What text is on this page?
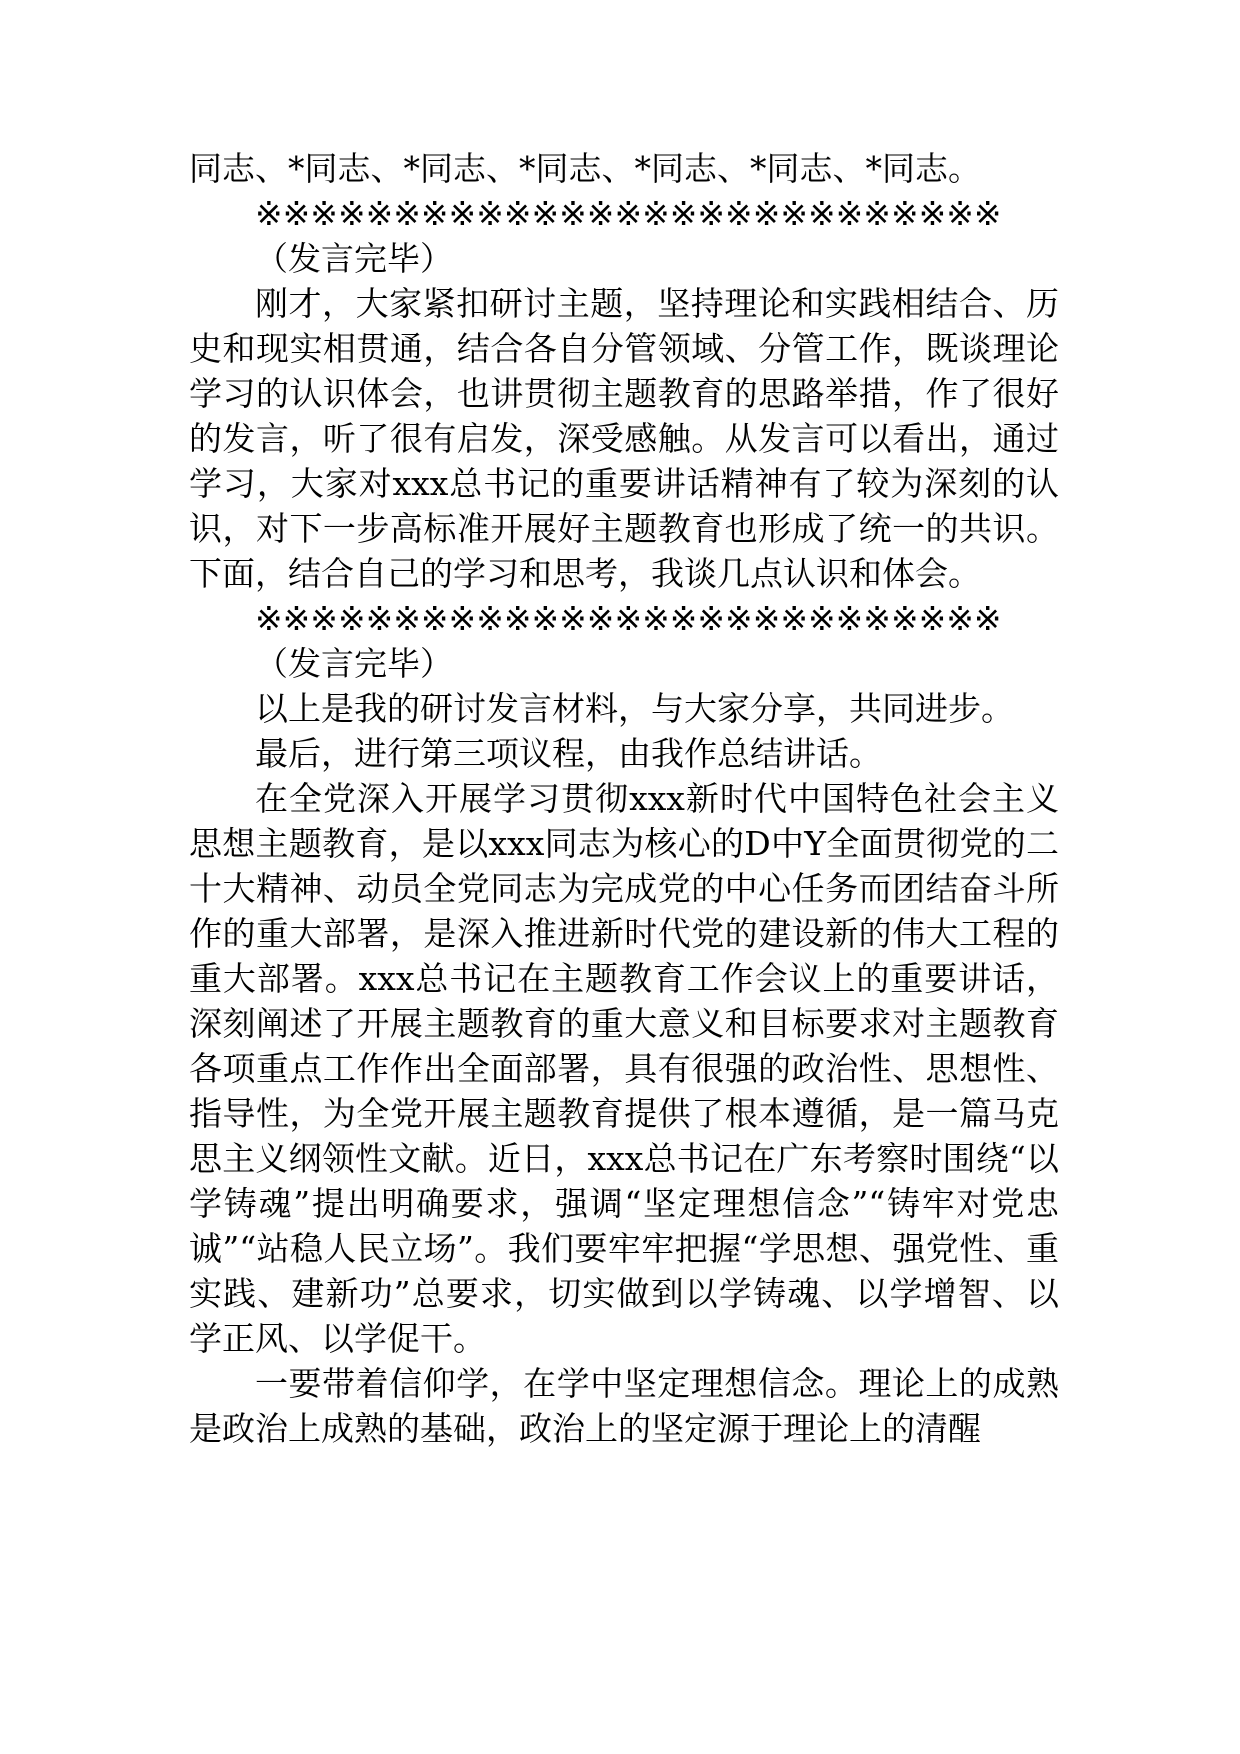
同志、*同志、*同志、*同志、*同志、*同志、*同志。

※※※※※※※※※※※※※※※※※※※※※※※※※※※

（发言完毕）

刚才，大家紧扣研讨主题，坚持理论和实践相结合、历史和现实相贯通，结合各自分管领域、分管工作，既谈理论学习的认识体会，也讲贯彻主题教育的思路举措，作了很好的发言，听了很有启发，深受感触。从发言可以看出，通过学习，大家对xxx总书记的重要讲话精神有了较为深刻的认识，对下一步高标准开展好主题教育也形成了统一的共识。下面，结合自己的学习和思考，我谈几点认识和体会。

※※※※※※※※※※※※※※※※※※※※※※※※※※※

（发言完毕）

以上是我的研讨发言材料，与大家分享，共同进步。

最后，进行第三项议程，由我作总结讲话。

在全党深入开展学习贯彻xxx新时代中国特色社会主义思想主题教育，是以xxx同志为核心的D中Y全面贯彻党的二十大精神、动员全党同志为完成党的中心任务而团结奋斗所作的重大部署，是深入推进新时代党的建设新的伟大工程的重大部署。xxx总书记在主题教育工作会议上的重要讲话，深刻阐述了开展主题教育的重大意义和目标要求对主题教育各项重点工作作出全面部署，具有很强的政治性、思想性、指导性，为全党开展主题教育提供了根本遵循，是一篇马克思主义纲领性文献。近日，xxx总书记在广东考察时围绕“以学铸魂”提出明确要求，强调“坚定理想信念”“铸牢对党忠诚”“站稳人民立场”。我们要牢牢把握“学思想、强党性、重实践、建新功”总要求，切实做到以学铸魂、以学增智、以学正风、以学促干。

一要带着信仰学，在学中坚定理想信念。理论上的成熟是政治上成熟的基础，政治上的坚定源于理论上的清醒
